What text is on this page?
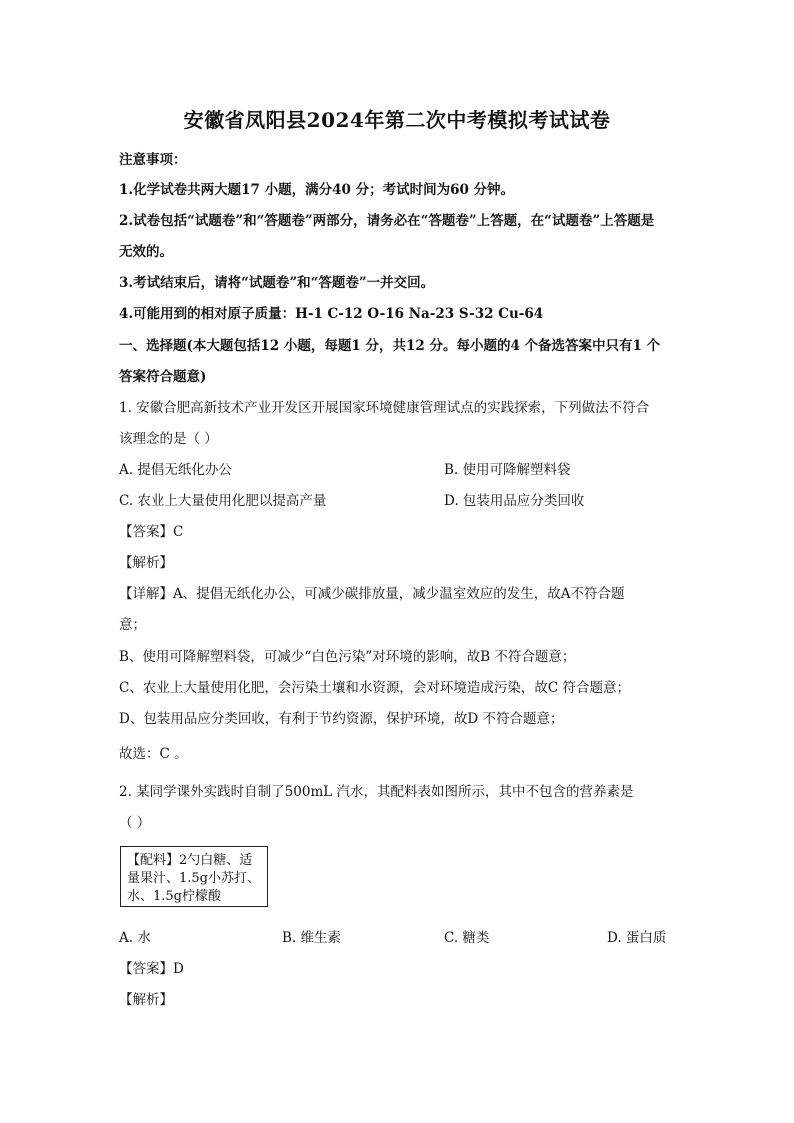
安徽省凤阳县2024年第二次中考模拟考试试卷
注意事项：
1.化学试卷共两大题17 小题，满分40 分；考试时间为60 分钟。
2.试卷包括“试题卷”和“答题卷”两部分，请务必在“答题卷”上答题，在“试题卷”上答题是
无效的。
3.考试结束后，请将“试题卷”和“答题卷”一并交回。
4.可能用到的相对原子质量：H-1 C-12 O-16 Na-23 S-32 Cu-64
一、选择题(本大题包括12 小题，每题1 分，共12 分。每小题的4 个备选答案中只有1 个
答案符合题意)
1. 安徽合肥高新技术产业开发区开展国家环境健康管理试点的实践探索，下列做法不符合
该理念的是（ ）
A. 提倡无纸化办公	B. 使用可降解塑料袋
C. 农业上大量使用化肥以提高产量	D. 包装用品应分类回收
【答案】C
【解析】
【详解】A、提倡无纸化办公，可减少碳排放量，减少温室效应的发生，故A不符合题
意；
B、使用可降解塑料袋，可减少“白色污染”对环境的影响，故B 不符合题意；
C、农业上大量使用化肥，会污染土壤和水资源，会对环境造成污染，故C 符合题意；
D、包装用品应分类回收，有利于节约资源，保护环境，故D 不符合题意；
故选：C 。
2. 某同学课外实践时自制了500mL 汽水，其配料表如图所示，其中不包含的营养素是
（ ）
【配料】2勺白糖、适
量果汁、1.5g小苏打、
水、1.5g柠檬酸
A. 水	B. 维生素	C. 糖类	D. 蛋白质
【答案】D
【解析】
